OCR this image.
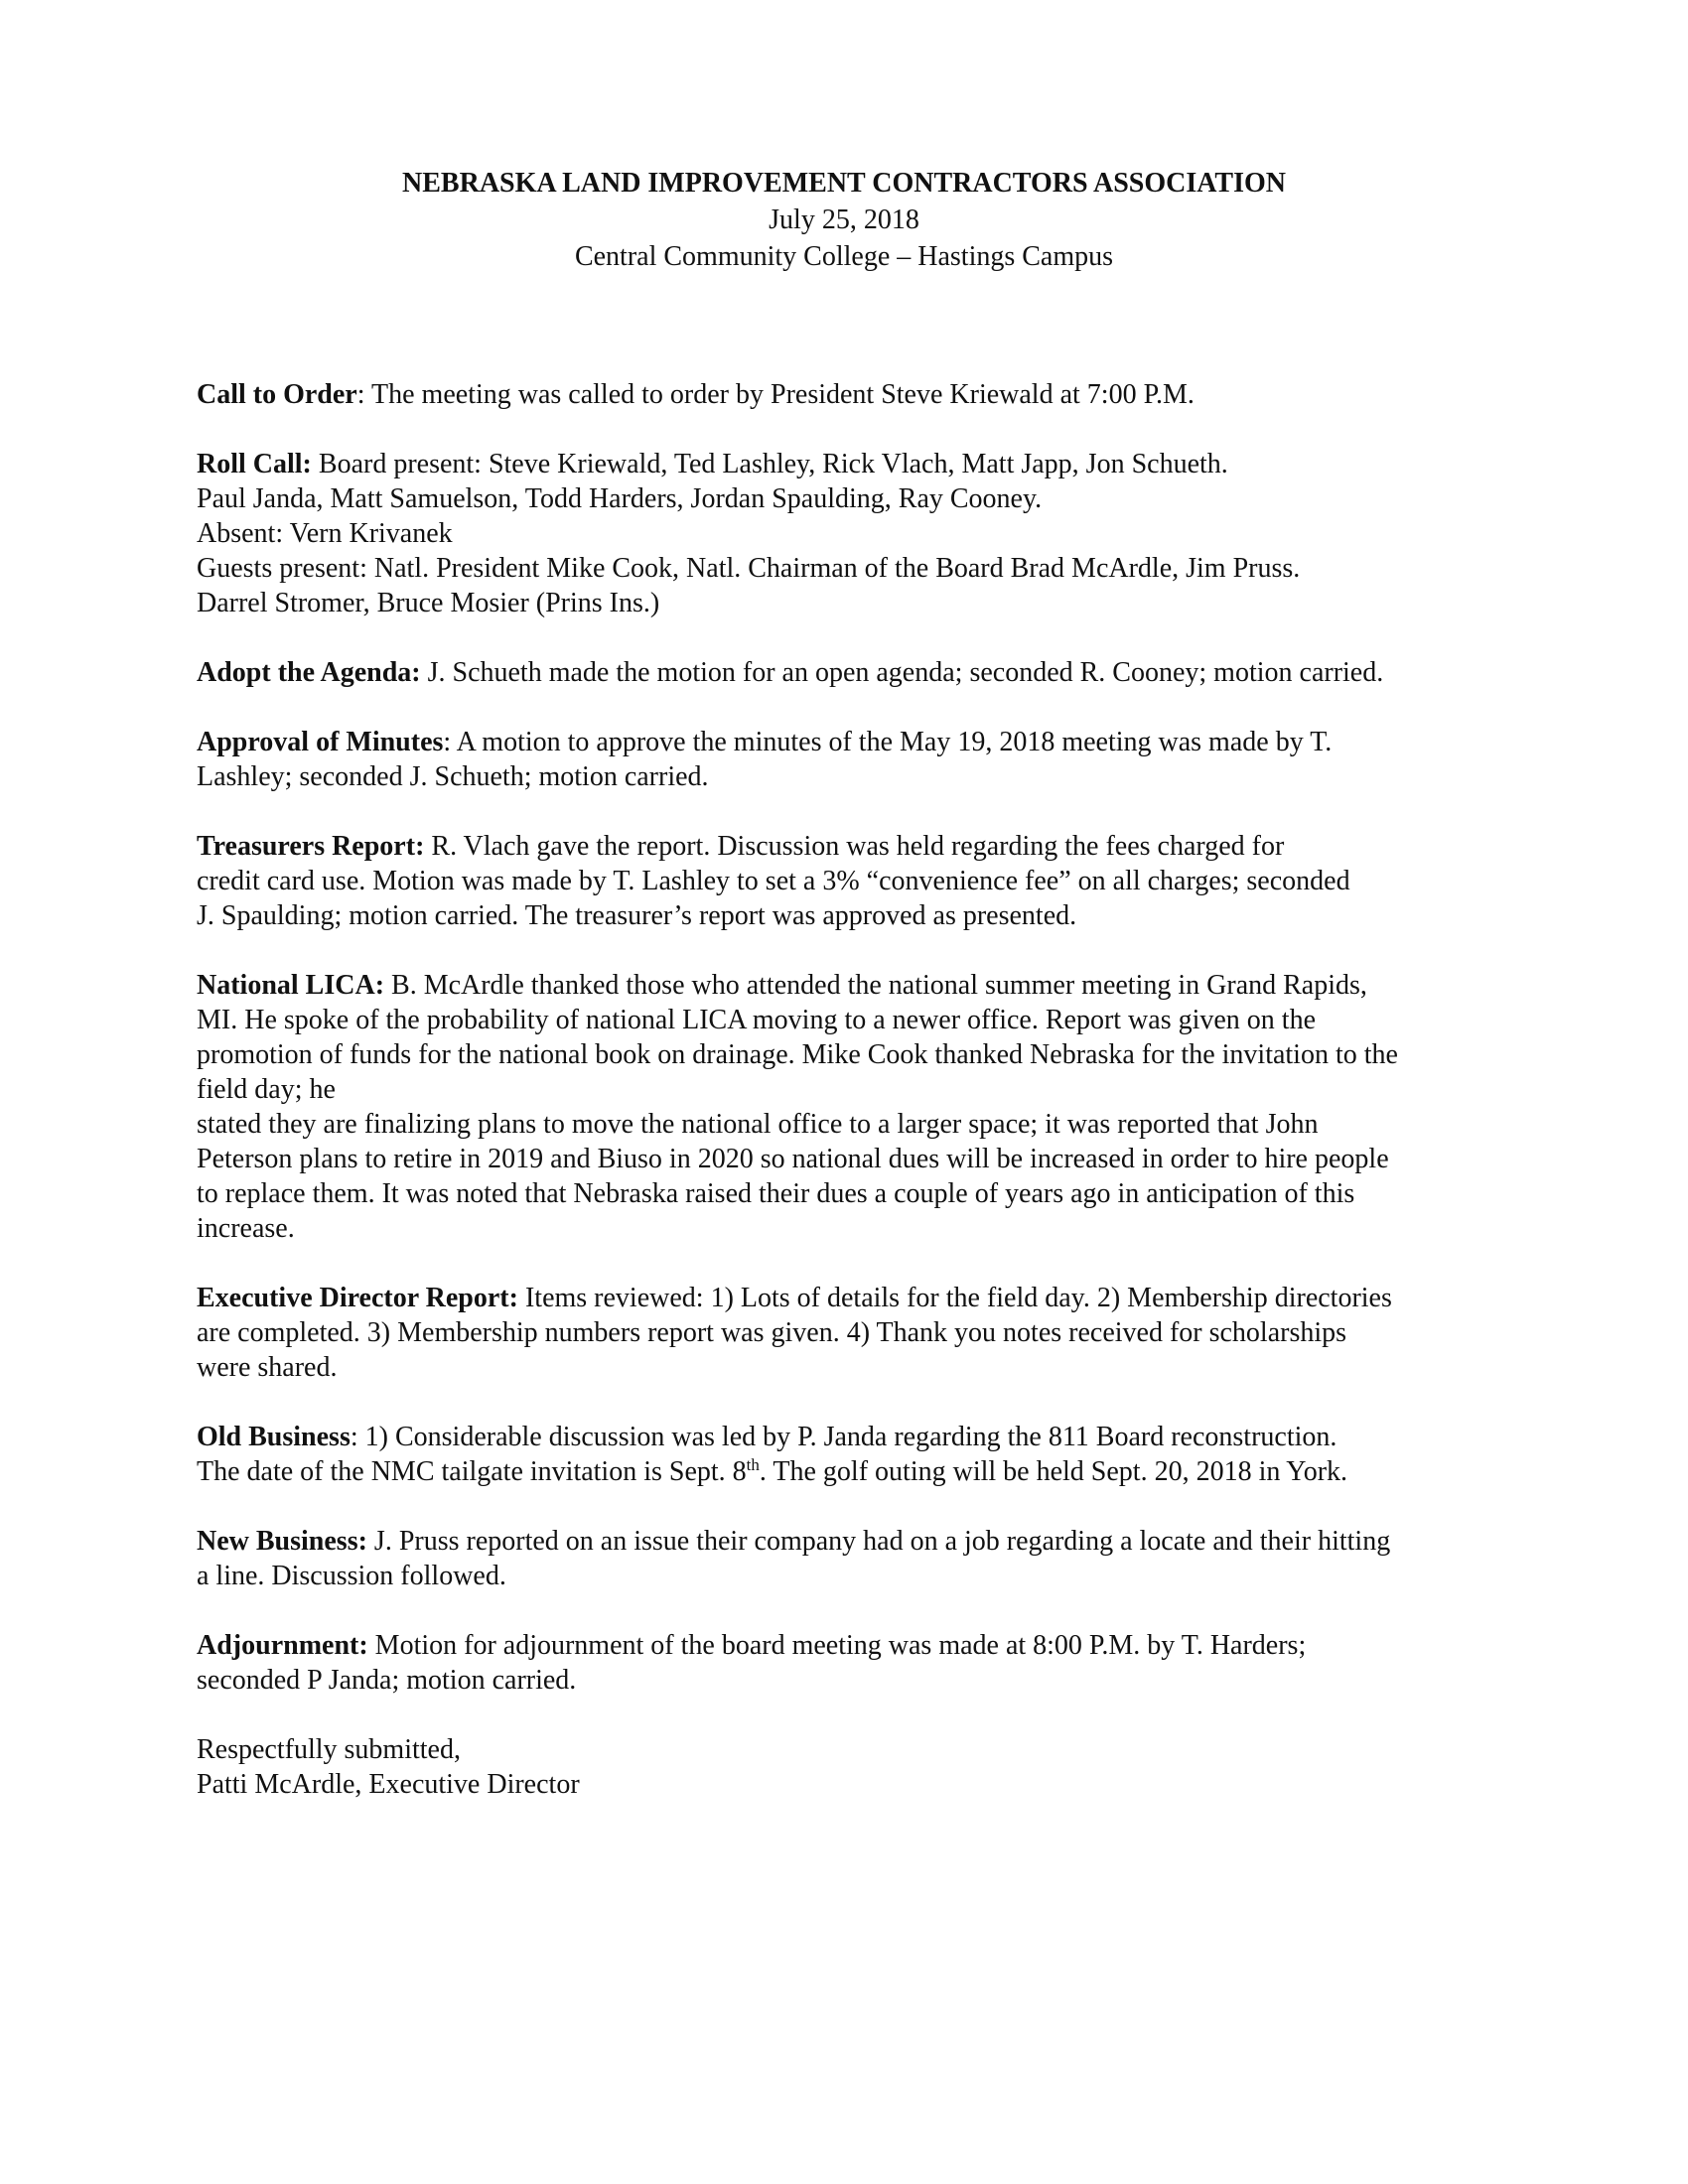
NEBRASKA LAND IMPROVEMENT CONTRACTORS ASSOCIATION
July 25, 2018
Central Community College – Hastings Campus

Call to Order: The meeting was called to order by President Steve Kriewald at 7:00 P.M.

Roll Call: Board present: Steve Kriewald, Ted Lashley, Rick Vlach, Matt Japp, Jon Schueth.
Paul Janda, Matt Samuelson, Todd Harders, Jordan Spaulding, Ray Cooney.
Absent: Vern Krivanek
Guests present: Natl. President Mike Cook, Natl. Chairman of the Board Brad McArdle, Jim Pruss.
Darrel Stromer, Bruce Mosier (Prins Ins.)

Adopt the Agenda: J. Schueth made the motion for an open agenda; seconded R. Cooney; motion carried.

Approval of Minutes: A motion to approve the minutes of the May 19, 2018 meeting was made by T.
Lashley; seconded J. Schueth; motion carried.
Treasurers Report: R. Vlach gave the report. Discussion was held regarding the fees charged for
credit card use. Motion was made by T. Lashley to set a 3% “convenience fee” on all charges; seconded
J. Spaulding; motion carried. The treasurer’s report was approved as presented.
National LICA: B. McArdle thanked those who attended the national summer meeting in Grand Rapids,
MI. He spoke of the probability of national LICA moving to a newer office. Report was given on the
promotion of funds for the national book on drainage. Mike Cook thanked Nebraska for the invitation to the
field day; he
stated they are finalizing plans to move the national office to a larger space; it was reported that John
Peterson plans to retire in 2019 and Biuso in 2020 so national dues will be increased in order to hire people
to replace them. It was noted that Nebraska raised their dues a couple of years ago in anticipation of this
increase.
Executive Director Report: Items reviewed: 1) Lots of details for the field day. 2) Membership directories
are completed. 3) Membership numbers report was given. 4) Thank you notes received for scholarships
were shared.
Old Business: 1) Considerable discussion was led by P. Janda regarding the 811 Board reconstruction.
The date of the NMC tailgate invitation is Sept. 8th. The golf outing will be held Sept. 20, 2018 in York.
New Business: J. Pruss reported on an issue their company had on a job regarding a locate and their hitting
a line. Discussion followed.
Adjournment: Motion for adjournment of the board meeting was made at 8:00 P.M. by T. Harders;
seconded P Janda; motion carried.

Respectfully submitted,

Patti McArdle, Executive Director
